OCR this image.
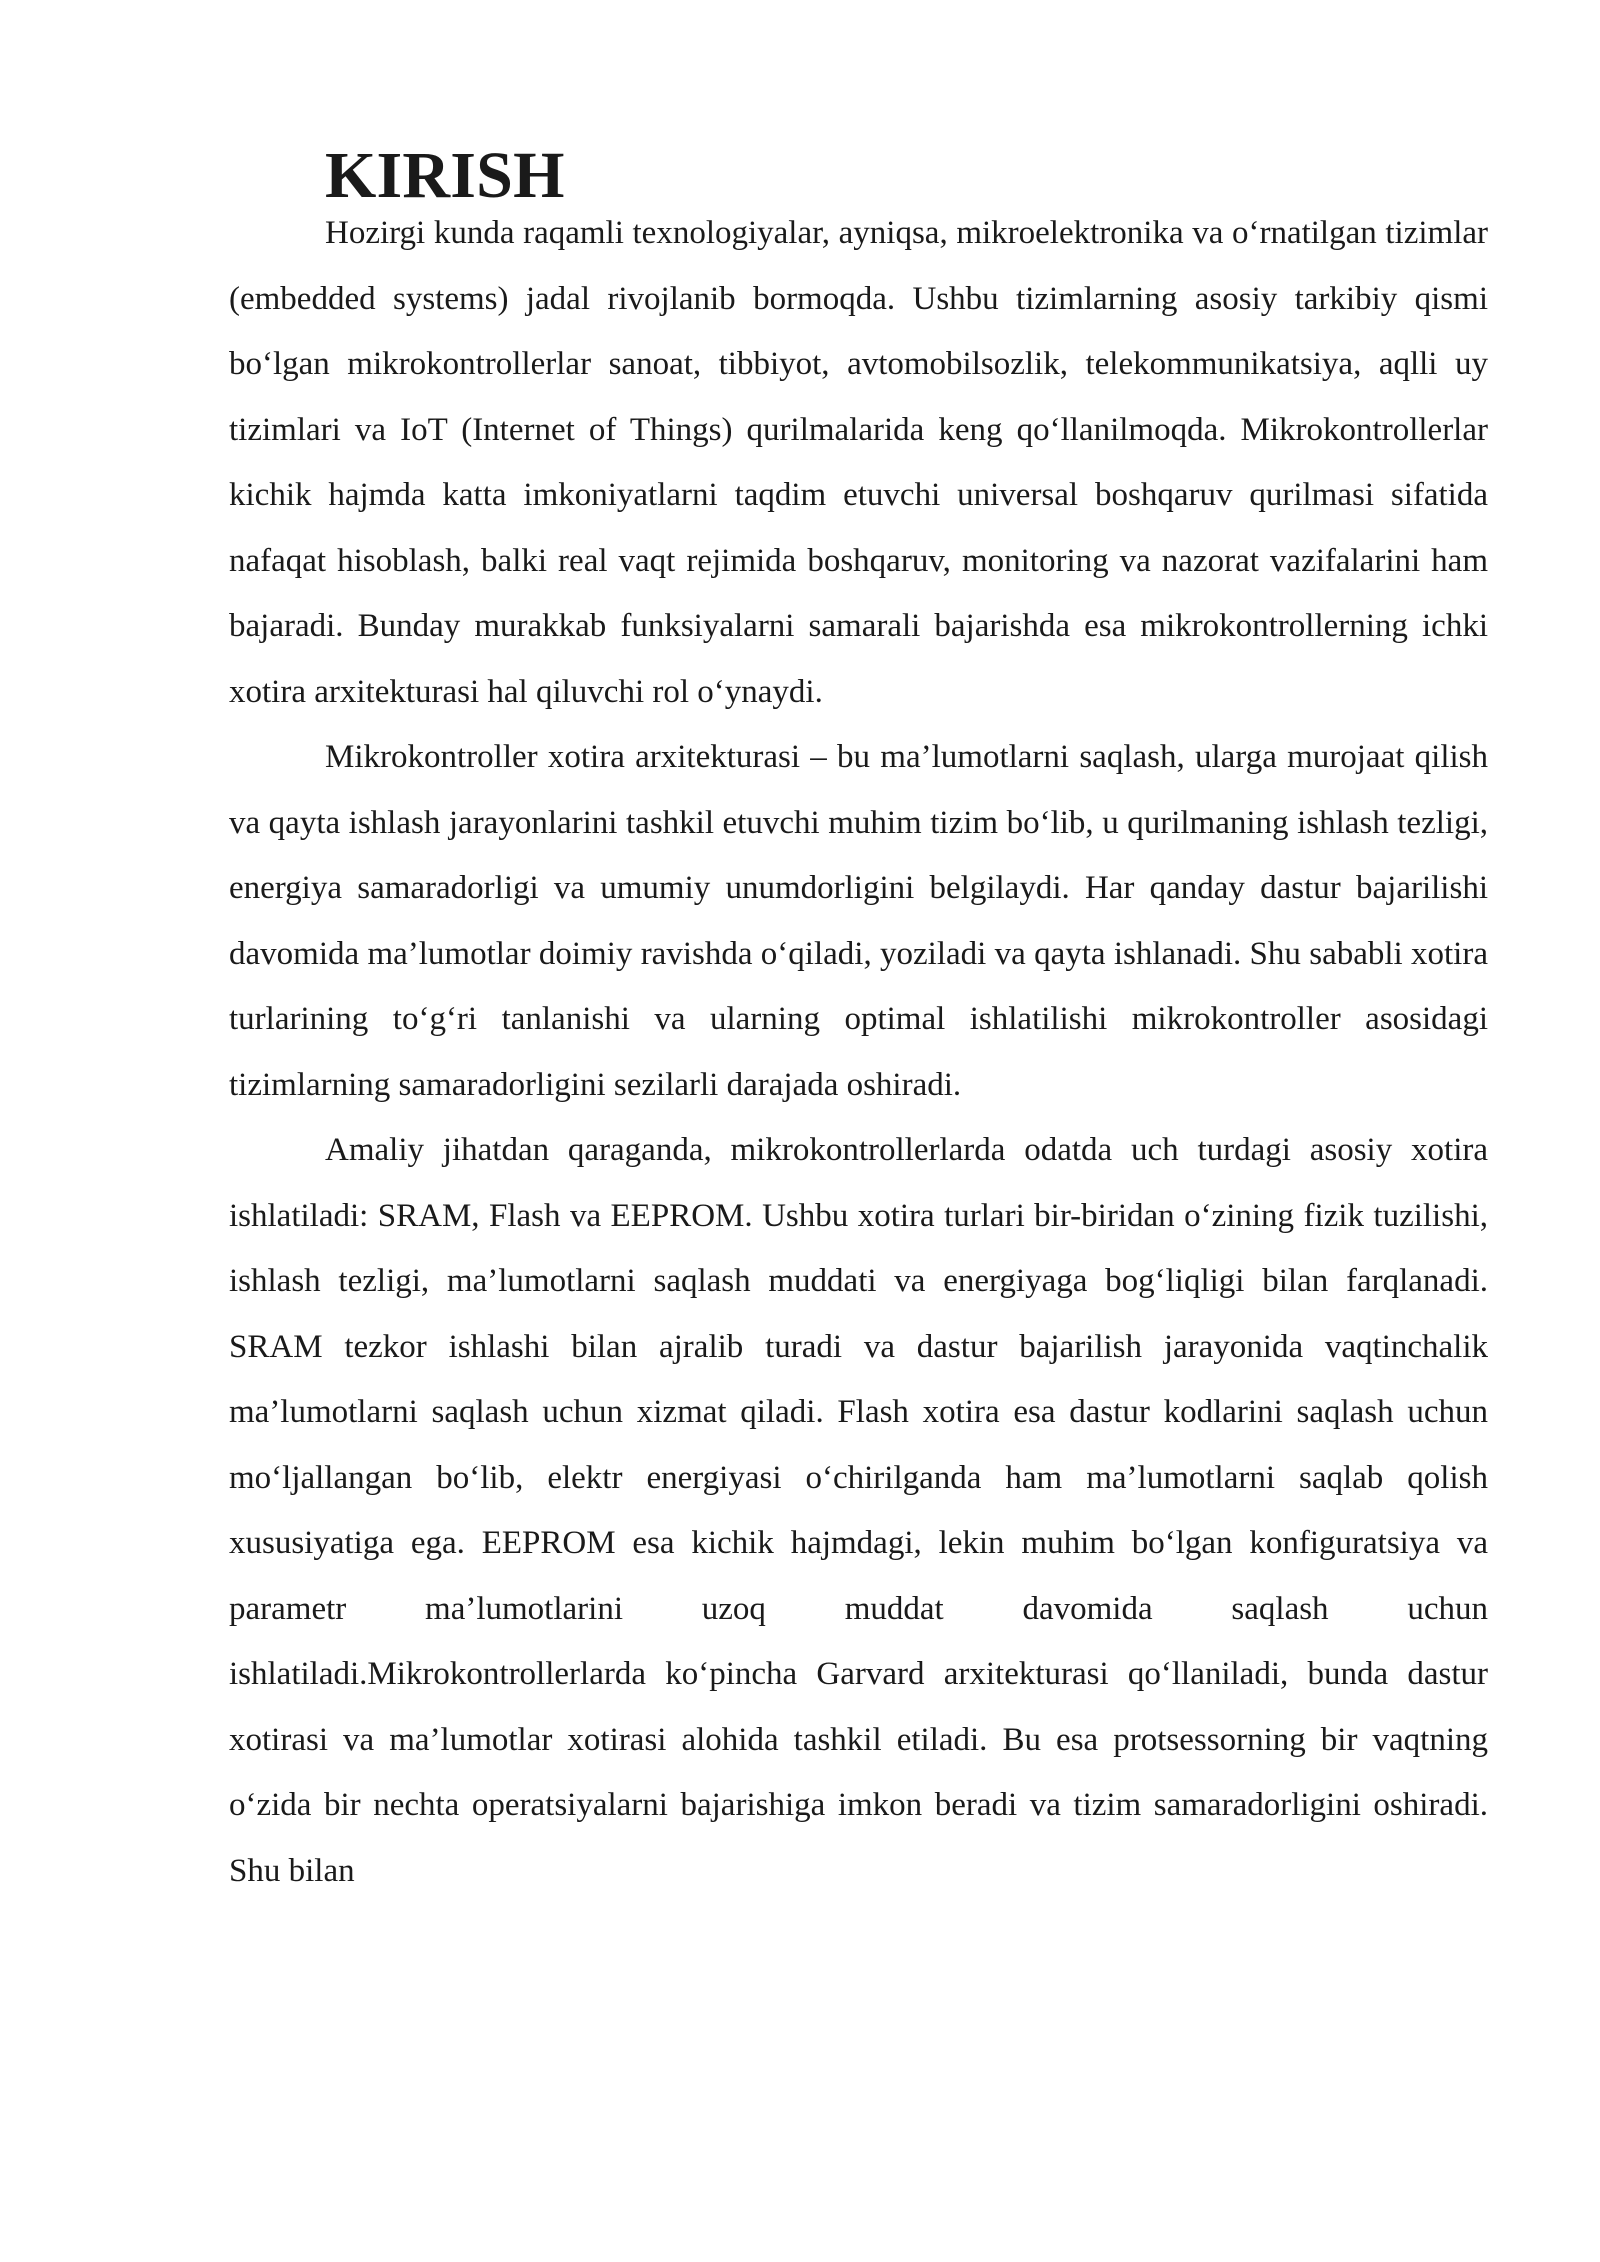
KIRISH

Hozirgi kunda raqamli texnologiyalar, ayniqsa, mikroelektronika va o‘rnatilgan tizimlar (embedded systems) jadal rivojlanib bormoqda. Ushbu tizimlarning asosiy tarkibiy qismi bo‘lgan mikrokontrollerlar sanoat, tibbiyot, avtomobilsozlik, telekommunikatsiya, aqlli uy tizimlari va IoT (Internet of Things) qurilmalarida keng qo‘llanilmoqda. Mikrokontrollerlar kichik hajmda katta imkoniyatlarni taqdim etuvchi universal boshqaruv qurilmasi sifatida nafaqat hisoblash, balki real vaqt rejimida boshqaruv, monitoring va nazorat vazifalarini ham bajaradi. Bunday murakkab funksiyalarni samarali bajarishda esa mikrokontrollerning ichki xotira arxitekturasi hal qiluvchi rol o‘ynaydi.

Mikrokontroller xotira arxitekturasi – bu ma’lumotlarni saqlash, ularga murojaat qilish va qayta ishlash jarayonlarini tashkil etuvchi muhim tizim bo‘lib, u qurilmaning ishlash tezligi, energiya samaradorligi va umumiy unumdorligini belgilaydi. Har qanday dastur bajarilishi davomida ma’lumotlar doimiy ravishda o‘qiladi, yoziladi va qayta ishlanadi. Shu sababli xotira turlarining to‘g‘ri tanlanishi va ularning optimal ishlatilishi mikrokontroller asosidagi tizimlarning samaradorligini sezilarli darajada oshiradi.

Amaliy jihatdan qaraganda, mikrokontrollerlarda odatda uch turdagi asosiy xotira ishlatiladi: SRAM, Flash va EEPROM. Ushbu xotira turlari bir-biridan o‘zining fizik tuzilishi, ishlash tezligi, ma’lumotlarni saqlash muddati va energiyaga bog‘liqligi bilan farqlanadi. SRAM tezkor ishlashi bilan ajralib turadi va dastur bajarilish jarayonida vaqtinchalik ma’lumotlarni saqlash uchun xizmat qiladi. Flash xotira esa dastur kodlarini saqlash uchun mo‘ljallangan bo‘lib, elektr energiyasi o‘chirilganda ham ma’lumotlarni saqlab qolish xususiyatiga ega. EEPROM esa kichik hajmdagi, lekin muhim bo‘lgan konfiguratsiya va parametr ma’lumotlarini uzoq muddat davomida saqlash uchun ishlatiladi.Mikrokontrollerlarda ko‘pincha Garvard arxitekturasi qo‘llaniladi, bunda dastur xotirasi va ma’lumotlar xotirasi alohida tashkil etiladi. Bu esa protsessorning bir vaqtning o‘zida bir nechta operatsiyalarni bajarishiga imkon beradi va tizim samaradorligini oshiradi. Shu bilan
